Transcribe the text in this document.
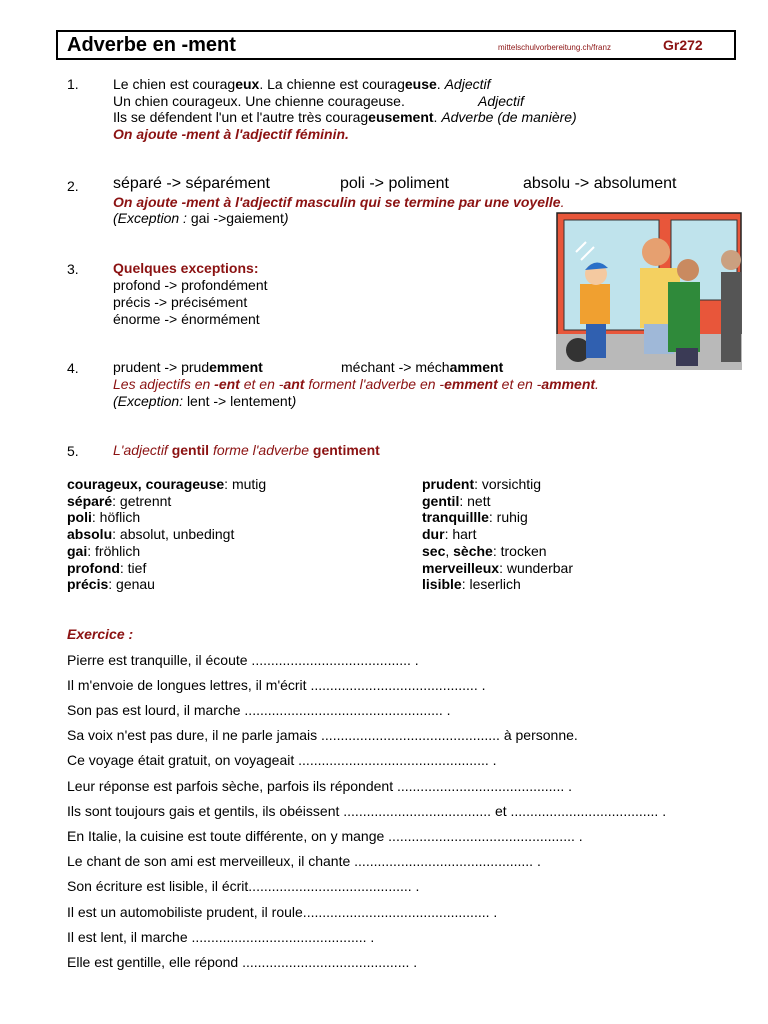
Adverbe en -ment	mittelschulvorbereitung.ch/franz	Gr272
1. Le chien est courageux. La chienne est courageuse. Adjectif
Un chien courageux. Une chienne courageuse.	Adjectif
Ils se défendent l'un et l'autre très courageusement. Adverbe (de manière)
On ajoute -ment à l'adjectif féminin.
2. séparé -> séparément	poli -> poliment	absolu -> absolument
On ajoute -ment à l'adjectif masculin qui se termine par une voyelle.
(Exception : gai ->gaiement)
3. Quelques exceptions:
profond -> profondément
précis -> précisément
énorme -> énormément
4. prudent -> prudemment	méchant -> méchamment
Les adjectifs en -ent et en -ant forment l'adverbe en -emment et en -amment.
(Exception: lent -> lentement)
5. L'adjectif gentil forme l'adverbe gentiment
courageux, courageuse: mutig
séparé: getrennt
poli: höflich
absolu: absolut, unbedingt
gai: fröhlich
profond: tief
précis: genau
prudent: vorsichtig
gentil: nett
tranquillle: ruhig
dur: hart
sec, sèche: trocken
merveilleux: wunderbar
lisible: leserlich
Exercice :
Pierre est tranquille, il écoute ......................................... .
Il m'envoie de longues lettres, il m'écrit ........................................... .
Son pas est lourd, il marche ................................................... .
Sa voix n'est pas dure, il ne parle jamais .............................................. à personne.
Ce voyage était gratuit, on voyageait ................................................. .
Leur réponse est parfois sèche, parfois ils répondent ........................................... .
Ils sont toujours gais et gentils, ils obéissent ...................................... et ...................................... .
En Italie, la cuisine est toute différente, on y mange ................................................ .
Le chant de son ami est merveilleux, il chante .............................................. .
Son écriture est lisible, il écrit.......................................... .
Il est un automobiliste prudent, il roule................................................ .
Il est lent, il marche ............................................. .
Elle est gentille, elle répond ........................................... .
